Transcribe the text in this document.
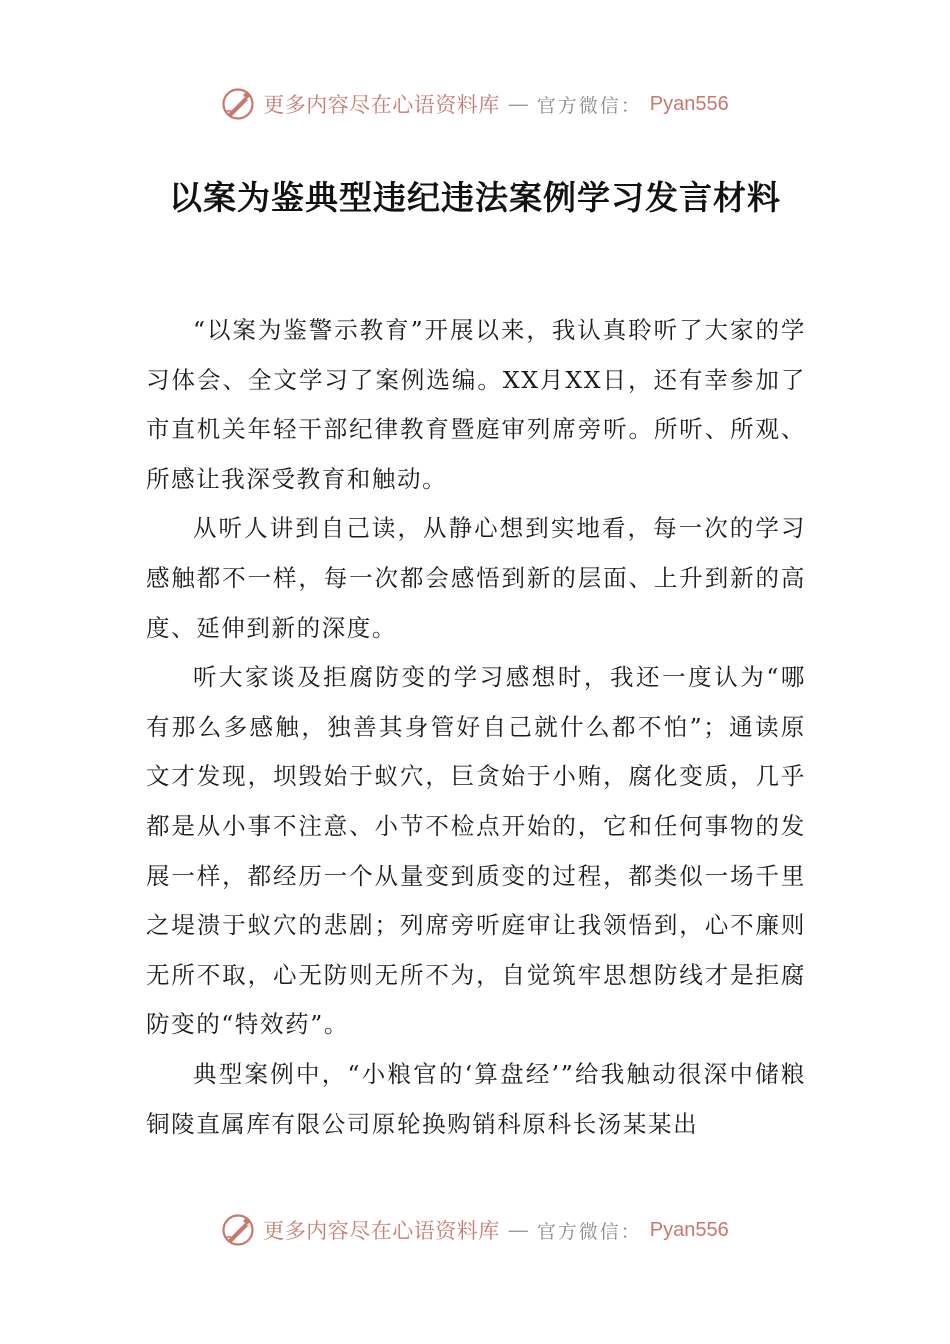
更多内容尽在心语资料库 — 官方微信： Pyan556
以案为鉴典型违纪违法案例学习发言材料

“以案为鉴警示教育”开展以来，我认真聆听了大家的学习体会、全文学习了案例选编。XX月XX日，还有幸参加了市直机关年轻干部纪律教育暨庭审列席旁听。所听、所观、所感让我深受教育和触动。

从听人讲到自己读，从静心想到实地看，每一次的学习感触都不一样，每一次都会感悟到新的层面、上升到新的高度、延伸到新的深度。

听大家谈及拒腐防变的学习感想时，我还一度认为“哪有那么多感触，独善其身管好自己就什么都不怕”；通读原文才发现，坝毁始于蚁穴，巨贪始于小贿，腐化变质，几乎都是从小事不注意、小节不检点开始的，它和任何事物的发展一样，都经历一个从量变到质变的过程，都类似一场千里之堤溃于蚁穴的悲剧；列席旁听庭审让我领悟到，心不廉则无所不取，心无防则无所不为，自觉筑牢思想防线才是拒腐防变的“特效药”。

典型案例中，“小粮官的‘算盘经’”给我触动很深中储粮铜陵直属库有限公司原轮换购销科原科长汤某某出

更多内容尽在心语资料库 — 官方微信： Pyan556
